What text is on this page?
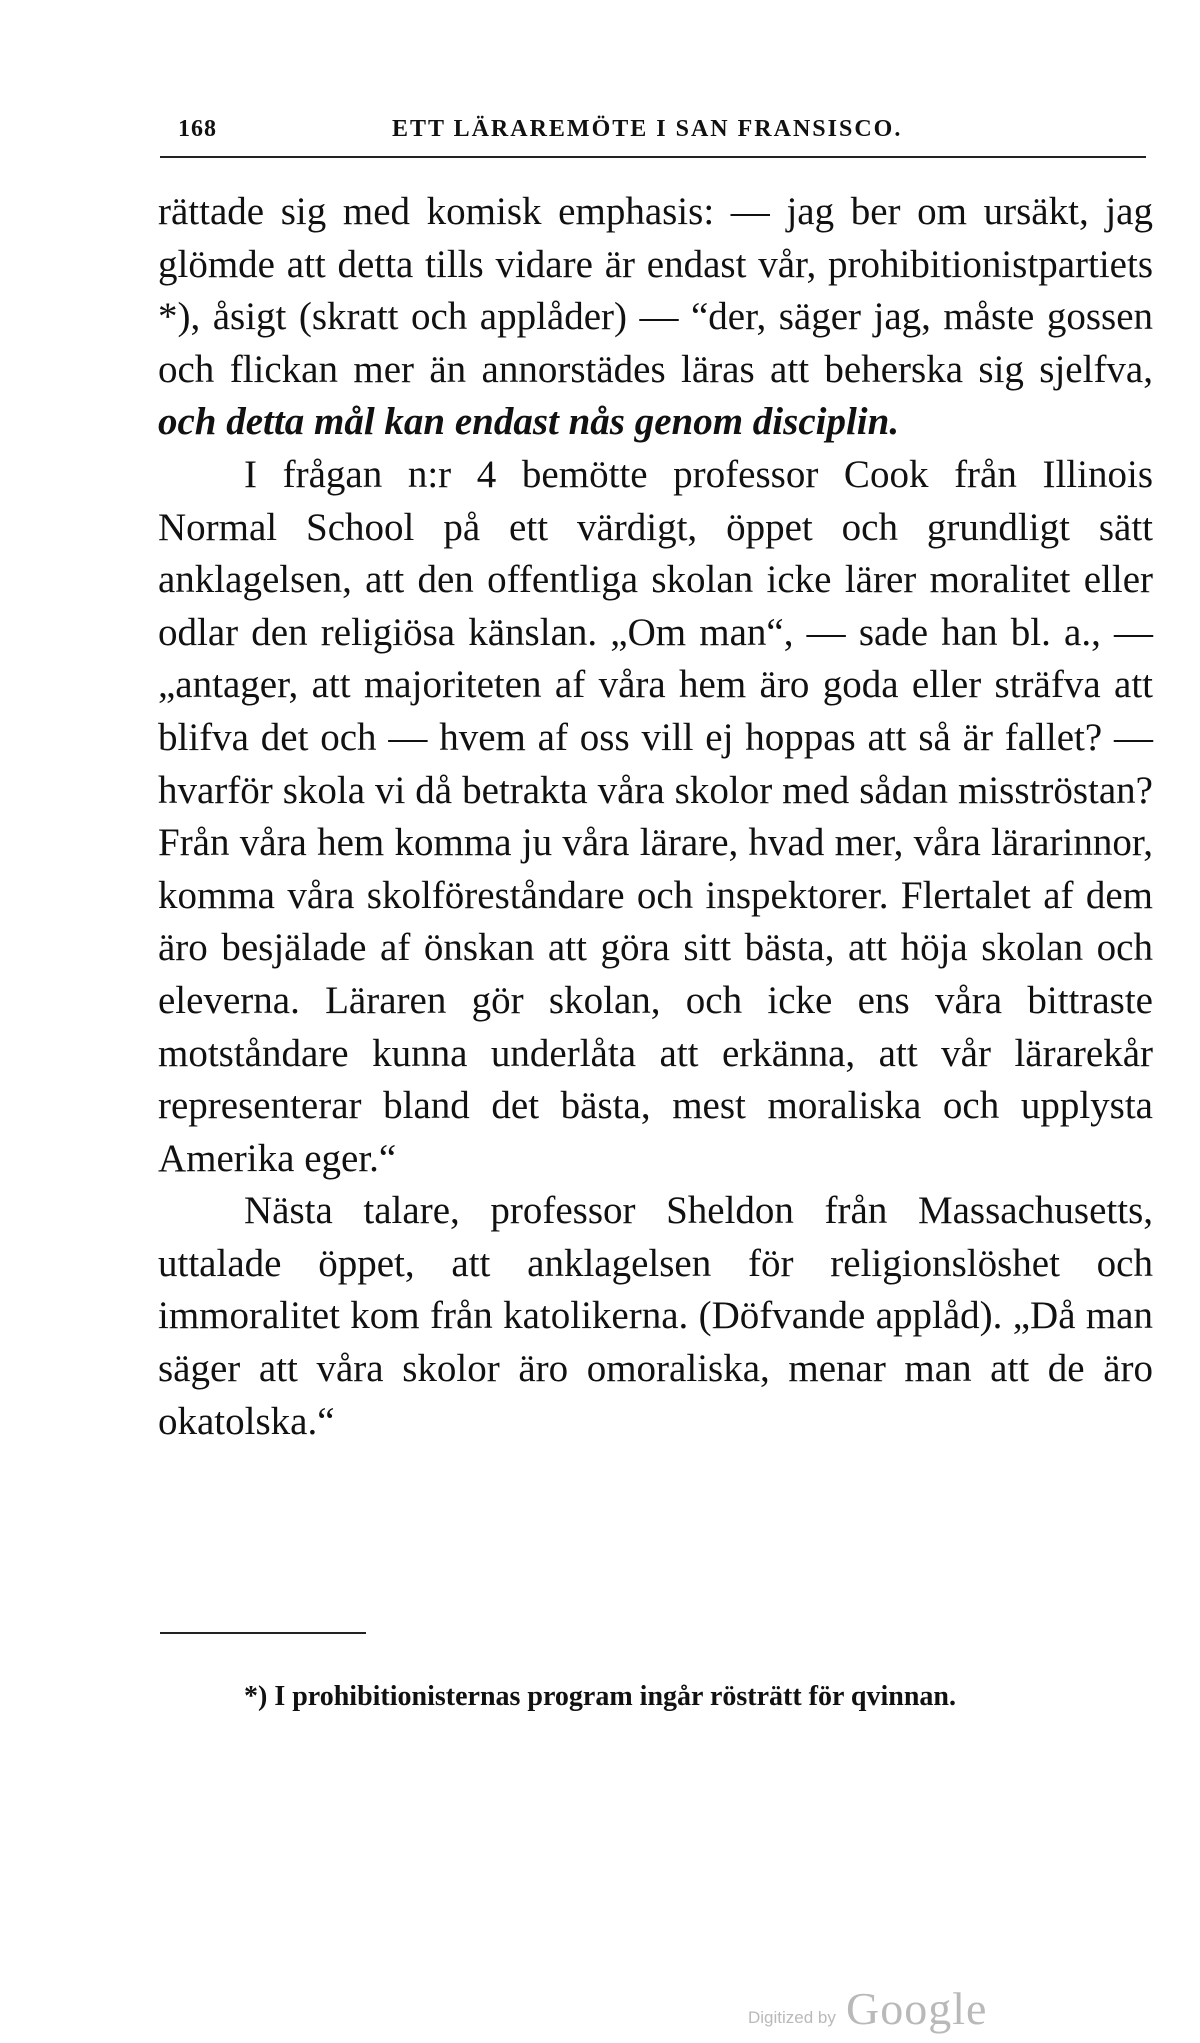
168	ETT LÄRAREMÖTE I SAN FRANSISCO.

rättade sig med komisk emphasis: — jag ber om ursäkt, jag glömde att detta tills vidare är endast vår, prohibitionistpartiets *), åsigt (skratt och applåder) — “der, säger jag, måste gossen och flickan mer än annorstädes läras att beherska sig sjelfva, och detta mål kan endast nås genom disciplin.

I frågan n:r 4 bemötte professor Cook från Illinois Normal School på ett värdigt, öppet och grundligt sätt anklagelsen, att den offentliga skolan icke lärer moralitet eller odlar den religiösa känslan. „Om man“, — sade han bl. a., — „antager, att majoriteten af våra hem äro goda eller sträfva att blifva det och — hvem af oss vill ej hoppas att så är fallet? — hvarför skola vi då betrakta våra skolor med sådan misströstan? Från våra hem komma ju våra lärare, hvad mer, våra lärarinnor, komma våra skolföreståndare och inspektorer. Flertalet af dem äro besjälade af önskan att göra sitt bästa, att höja skolan och eleverna. Läraren gör skolan, och icke ens våra bittraste motståndare kunna underlåta att erkänna, att vår lärarekår representerar bland det bästa, mest moraliska och upplysta Amerika eger.“

Nästa talare, professor Sheldon från Massachusetts, uttalade öppet, att anklagelsen för religionslöshet och immoralitet kom från katolikerna. (Döfvande applåd). „Då man säger att våra skolor äro omoraliska, menar man att de äro okatolska.“

*) I prohibitionisternas program ingår rösträtt för qvinnan.
Digitized by Google
